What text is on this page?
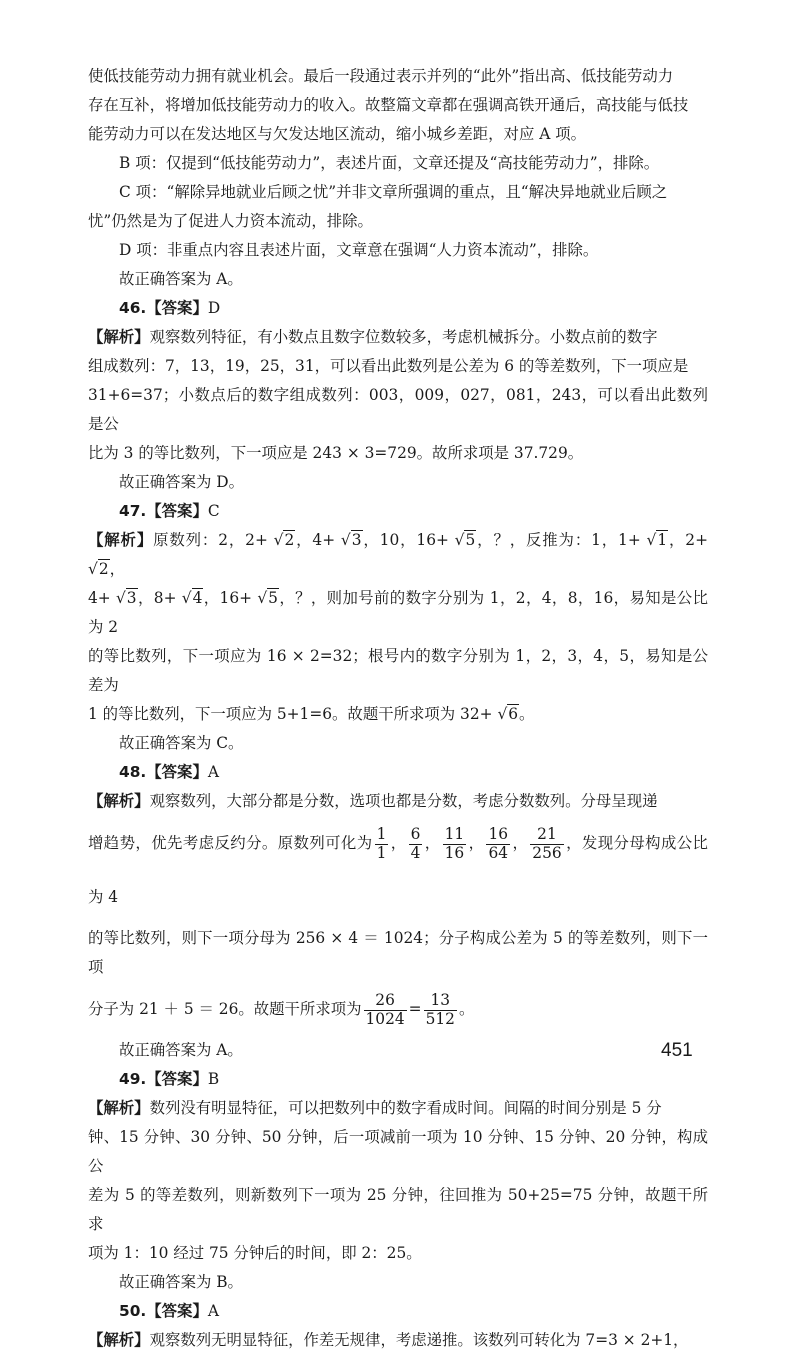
使低技能劳动力拥有就业机会。最后一段通过表示并列的“此外”指出高、低技能劳动力
存在互补，将增加低技能劳动力的收入。故整篇文章都在强调高铁开通后，高技能与低技
能劳动力可以在发达地区与欠发达地区流动，缩小城乡差距，对应 A 项。

B 项：仅提到“低技能劳动力”，表述片面，文章还提及“高技能劳动力”，排除。

C 项：“解除异地就业后顾之忧”并非文章所强调的重点，且“解决异地就业后顾之
忧”仍然是为了促进人力资本流动，排除。

D 项：非重点内容且表述片面，文章意在强调“人力资本流动”，排除。

故正确答案为 A。

46.【答案】D

【解析】观察数列特征，有小数点且数字位数较多，考虑机械拆分。小数点前的数字
组成数列：7，13，19，25，31，可以看出此数列是公差为 6 的等差数列，下一项应是
31+6=37；小数点后的数字组成数列：003，009，027，081，243，可以看出此数列是公
比为 3 的等比数列，下一项应是 243 × 3=729。故所求项是 37.729。

故正确答案为 D。

47.【答案】C

【解析】原数列：2，2+ √2，4+ √3，10，16+ √5，？，反推为：1，1+ √1，2+ √2，
4+ √3，8+ √4，16+ √5，？，则加号前的数字分别为 1，2，4，8，16，易知是公比为 2
的等比数列，下一项应为 16 × 2=32；根号内的数字分别为 1，2，3，4，5，易知是公差为
1 的等比数列，下一项应为 5+1=6。故题干所求项为 32+ √6。

故正确答案为 C。

48.【答案】A

【解析】观察数列，大部分都是分数，选项也都是分数，考虑分数数列。分母呈现递

增趋势，优先考虑反约分。原数列可化为 $\frac{1}{1}$ ， $\frac{6}{4}$ ， $\frac{11}{16}$ ， $\frac{16}{64}$ ， $\frac{21}{256}$ ，发现分母构成公比为 4

的等比数列，则下一项分母为 256 × 4 ＝ 1024；分子构成公差为 5 的等差数列，则下一项

分子为 21 ＋ 5 ＝ 26。故题干所求项为 $\frac{26}{1024} = \frac{13}{512}$ 。

故正确答案为 A。

49.【答案】B

【解析】数列没有明显特征，可以把数列中的数字看成时间。间隔的时间分别是 5 分
钟、15 分钟、30 分钟、50 分钟，后一项减前一项为 10 分钟、15 分钟、20 分钟，构成公
差为 5 的等差数列，则新数列下一项为 25 分钟，往回推为 50+25=75 分钟，故题干所求
项为 1：10 经过 75 分钟后的时间，即 2：25。

故正确答案为 B。

50.【答案】A

【解析】观察数列无明显特征，作差无规律，考虑递推。该数列可转化为 7=3 × 2+1，

451
